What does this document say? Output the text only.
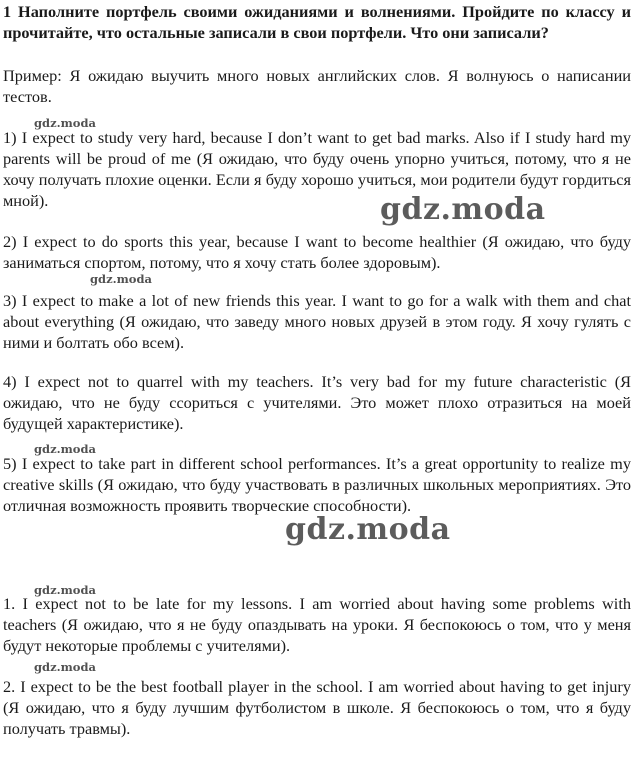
1 Наполните портфель своими ожиданиями и волнениями. Пройдите по классу и прочитайте, что остальные записали в свои портфели. Что они записали?
Пример: Я ожидаю выучить много новых английских слов. Я волнуюсь о написании тестов.
gdz.moda
1) I expect to study very hard, because I don’t want to get bad marks. Also if I study hard my parents will be proud of me (Я ожидаю, что буду очень упорно учиться, потому, что я не хочу получать плохие оценки. Если я буду хорошо учиться, мои родители будут гордиться мной).	gdz.moda
2) I expect to do sports this year, because I want to become healthier (Я ожидаю, что буду заниматься спортом, потому, что я хочу стать более здоровым).
gdz.moda
3) I expect to make a lot of new friends this year. I want to go for a walk with them and chat about everything (Я ожидаю, что заведу много новых друзей в этом году. Я хочу гулять с ними и болтать обо всем).
4) I expect not to quarrel with my teachers. It’s very bad for my future characteristic (Я ожидаю, что не буду ссориться с учителями. Это может плохо отразиться на моей будущей характеристике).
gdz.moda
5) I expect to take part in different school performances. It’s a great opportunity to realize my creative skills (Я ожидаю, что буду участвовать в различных школьных мероприятиях. Это отличная возможность проявить творческие способности).
gdz.moda
gdz.moda
1. I expect not to be late for my lessons. I am worried about having some problems with teachers (Я ожидаю, что я не буду опаздывать на уроки. Я беспокоюсь о том, что у меня будут некоторые проблемы с учителями).
gdz.moda
2. I expect to be the best football player in the school. I am worried about having to get injury (Я ожидаю, что я буду лучшим футболистом в школе. Я беспокоюсь о том, что я буду получать травмы).
